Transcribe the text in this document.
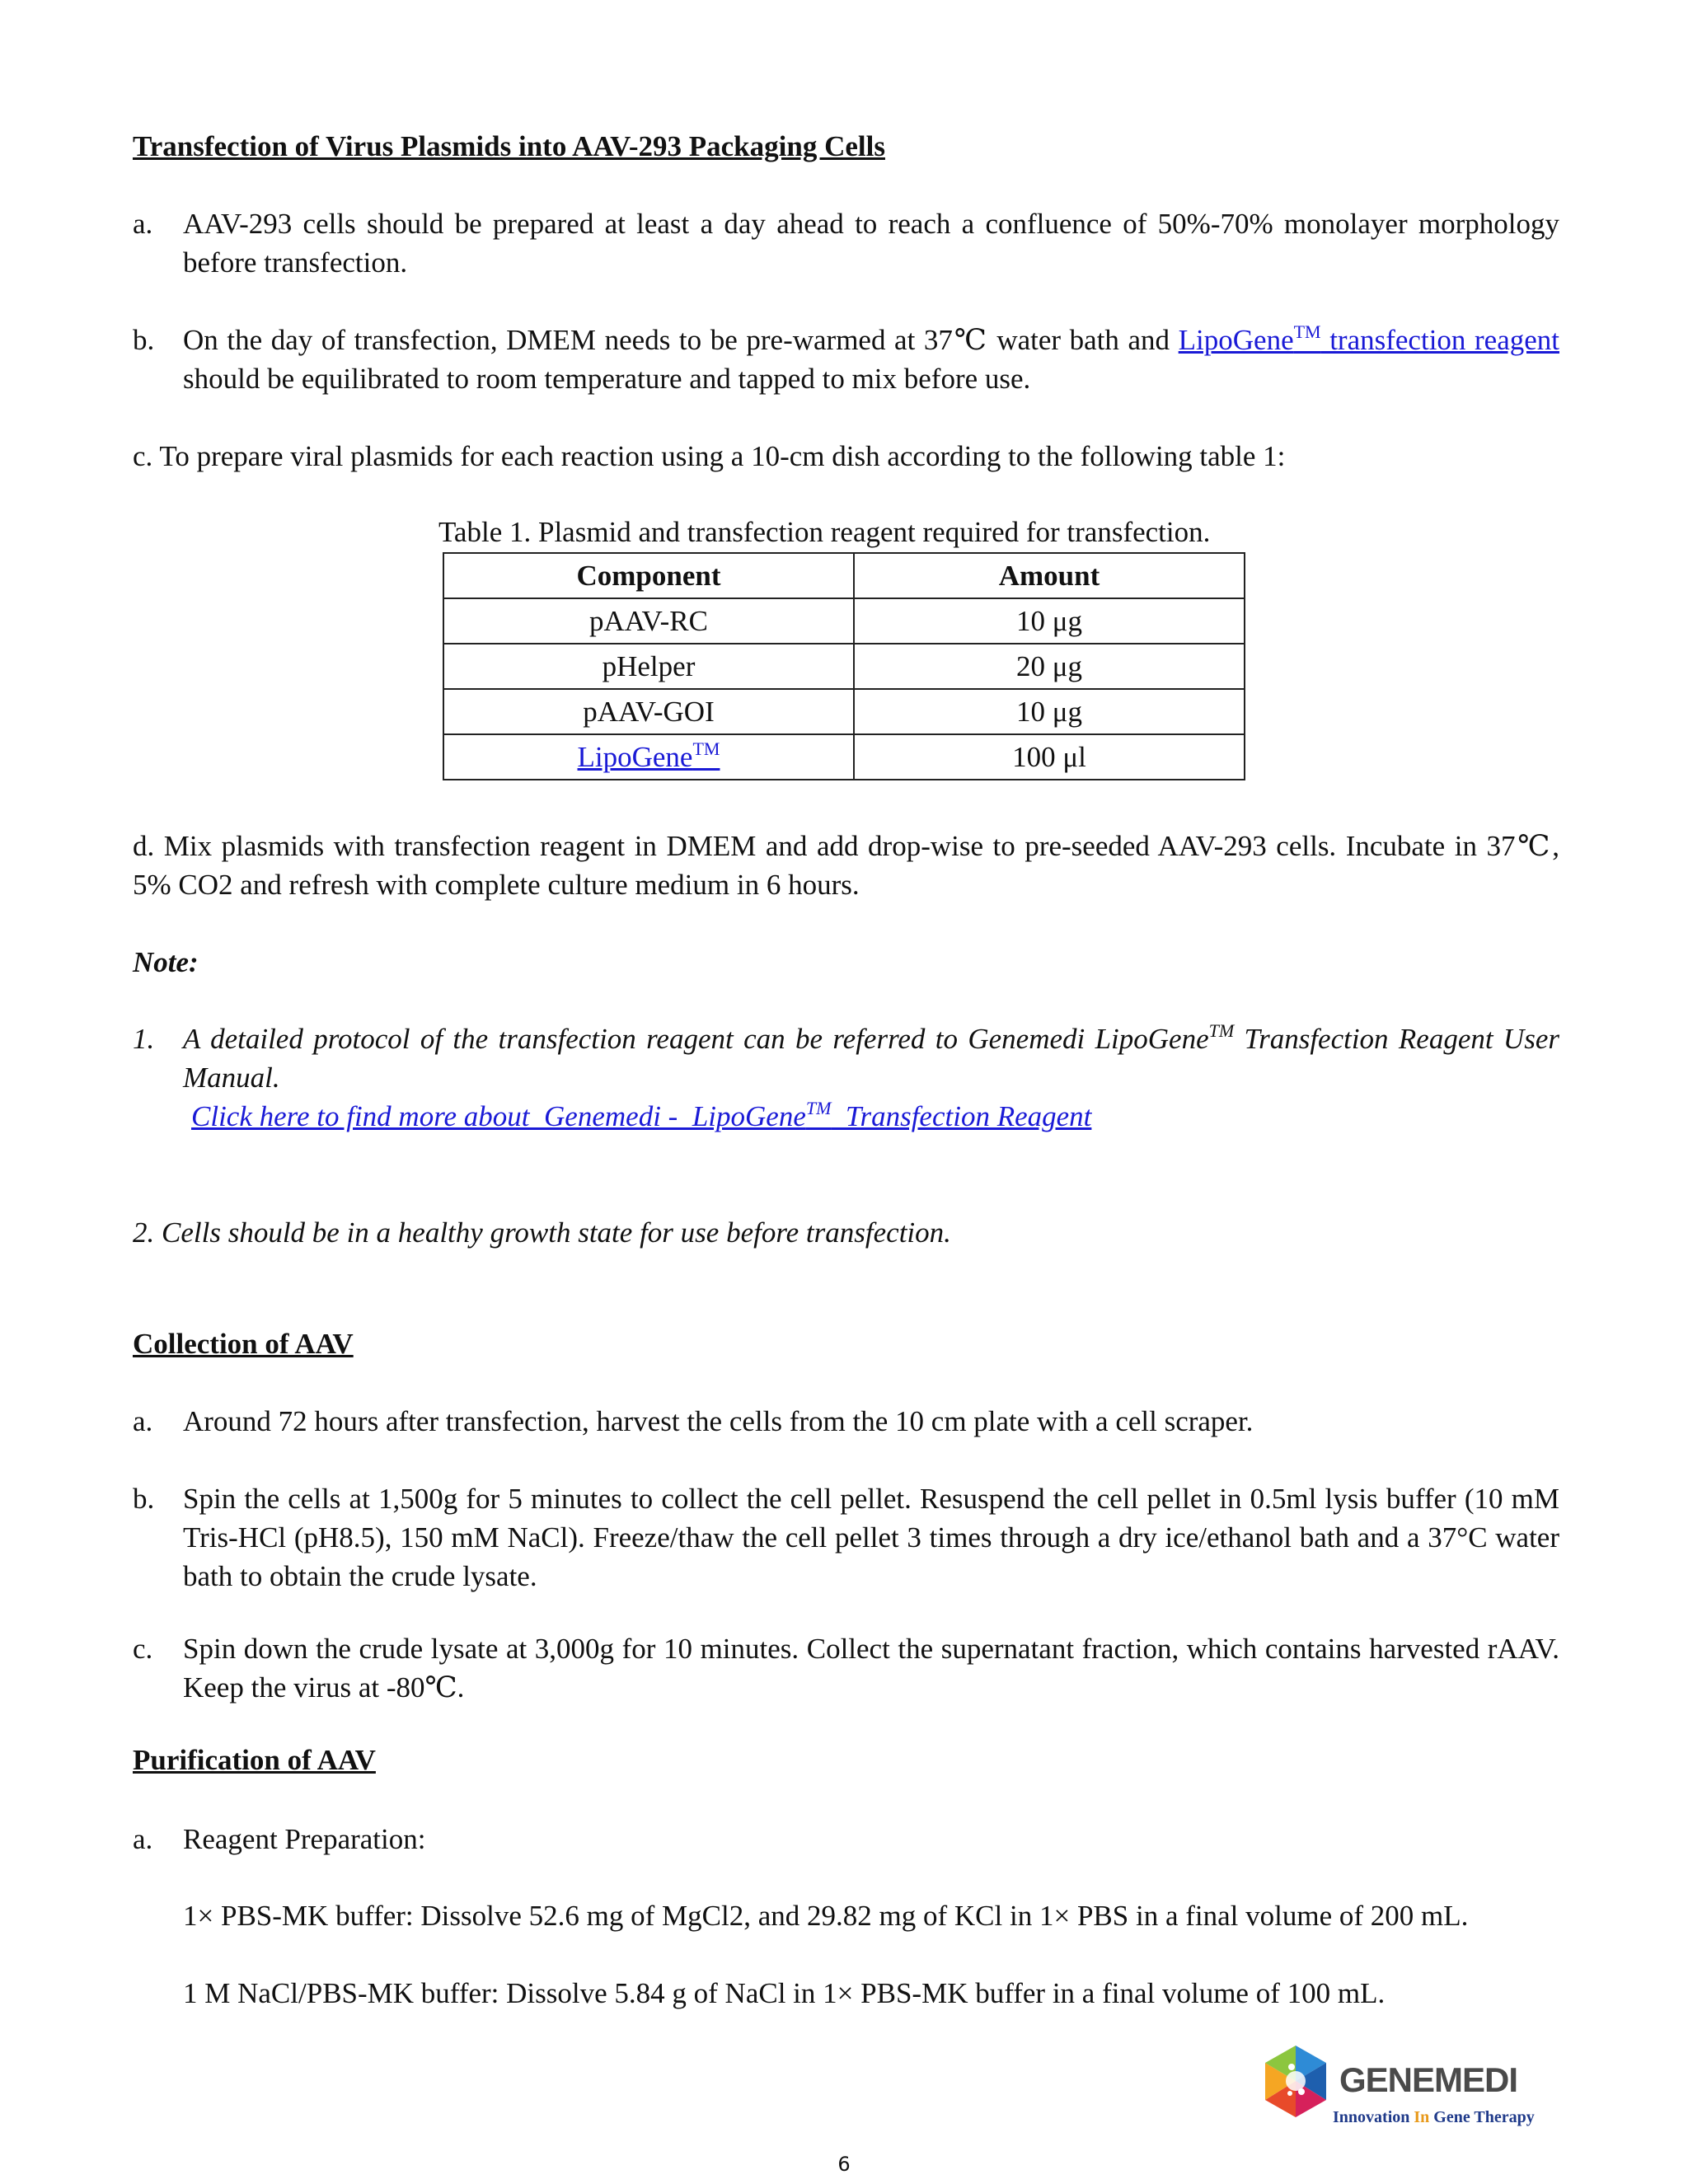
Transfection of Virus Plasmids into AAV-293 Packaging Cells
a. AAV-293 cells should be prepared at least a day ahead to reach a confluence of 50%-70% monolayer morphology before transfection.
b. On the day of transfection, DMEM needs to be pre-warmed at 37℃ water bath and LipoGene™ transfection reagent should be equilibrated to room temperature and tapped to mix before use.
c. To prepare viral plasmids for each reaction using a 10-cm dish according to the following table 1:
Table 1. Plasmid and transfection reagent required for transfection.
Component	Amount
pAAV-RC	10 μg
pHelper	20 μg
pAAV-GOI	10 μg
LipoGene™	100 μl
d. Mix plasmids with transfection reagent in DMEM and add drop-wise to pre-seeded AAV-293 cells. Incubate in 37℃, 5% CO2 and refresh with complete culture medium in 6 hours.
Note:
1. A detailed protocol of the transfection reagent can be referred to Genemedi LipoGene™ Transfection Reagent User Manual.
Click here to find more about  Genemedi -  LipoGene™  Transfection Reagent
2. Cells should be in a healthy growth state for use before transfection.
Collection of AAV
a. Around 72 hours after transfection, harvest the cells from the 10 cm plate with a cell scraper.
b. Spin the cells at 1,500g for 5 minutes to collect the cell pellet. Resuspend the cell pellet in 0.5ml lysis buffer (10 mM Tris-HCl (pH8.5), 150 mM NaCl). Freeze/thaw the cell pellet 3 times through a dry ice/ethanol bath and a 37°C water bath to obtain the crude lysate.
c. Spin down the crude lysate at 3,000g for 10 minutes. Collect the supernatant fraction, which contains harvested rAAV. Keep the virus at -80℃.
Purification of AAV
a. Reagent Preparation:
1× PBS-MK buffer: Dissolve 52.6 mg of MgCl2, and 29.82 mg of KCl in 1× PBS in a final volume of 200 mL.
1 M NaCl/PBS-MK buffer: Dissolve 5.84 g of NaCl in 1× PBS-MK buffer in a final volume of 100 mL.
GENEMEDI
Innovation In Gene Therapy
6
